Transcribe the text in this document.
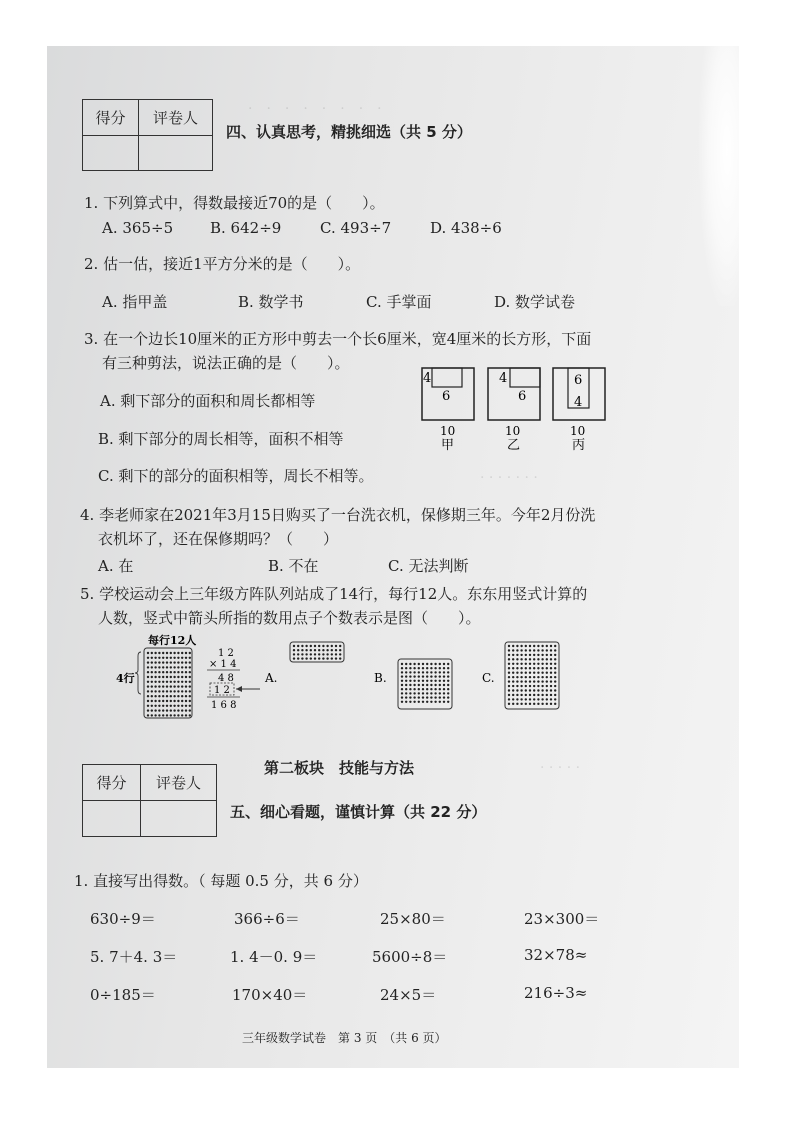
·　·　·　·　·　·　·　·
· · · · · · ·
· · · · ·
得分	评卷人

四、认真思考，精挑细选（共 5 分）
1. 下列算式中，得数最接近70的是（　　）。
A. 365÷5 B. 642÷9	C. 493÷7	D. 438÷6
2. 估一估，接近1平方分米的是（　　）。
A. 指甲盖	B. 数学书	C. 手掌面	D. 数学试卷
3. 在一个边长10厘米的正方形中剪去一个长6厘米，宽4厘米的长方形，下面
有三种剪法，说法正确的是（　　）。
A. 剩下部分的面积和周长都相等
B. 剩下部分的周长相等，面积不相等
C. 剩下的部分的面积相等，周长不相等。
4
6
10
甲
4
6
10
乙
6
4
10
丙
4. 李老师家在2021年3月15日购买了一台洗衣机，保修期三年。今年2月份洗
衣机坏了，还在保修期吗？（　　）
A. 在	B. 不在	C. 无法判断
5. 学校运动会上三年级方阵队列站成了14行，每行12人。东东用竖式计算的
人数，竖式中箭头所指的数用点子个数表示是图（　　）。
每行12人
4行
1 2
× 1 4
4 8
1 2
1 6 8
A.	B.	C.
第二板块　技能与方法
得分	评卷人

五、细心看题，谨慎计算（共 22 分）
1. 直接写出得数。（ 每题 0.5 分，共 6 分）
630÷9＝	366÷6＝	25×80＝	23×300＝
5. 7＋4. 3＝	1. 4－0. 9＝	5600÷8＝	32×78≈
0÷185＝	170×40＝	24×5＝	216÷3≈
三年级数学试卷　第 3 页　（共 6 页）
